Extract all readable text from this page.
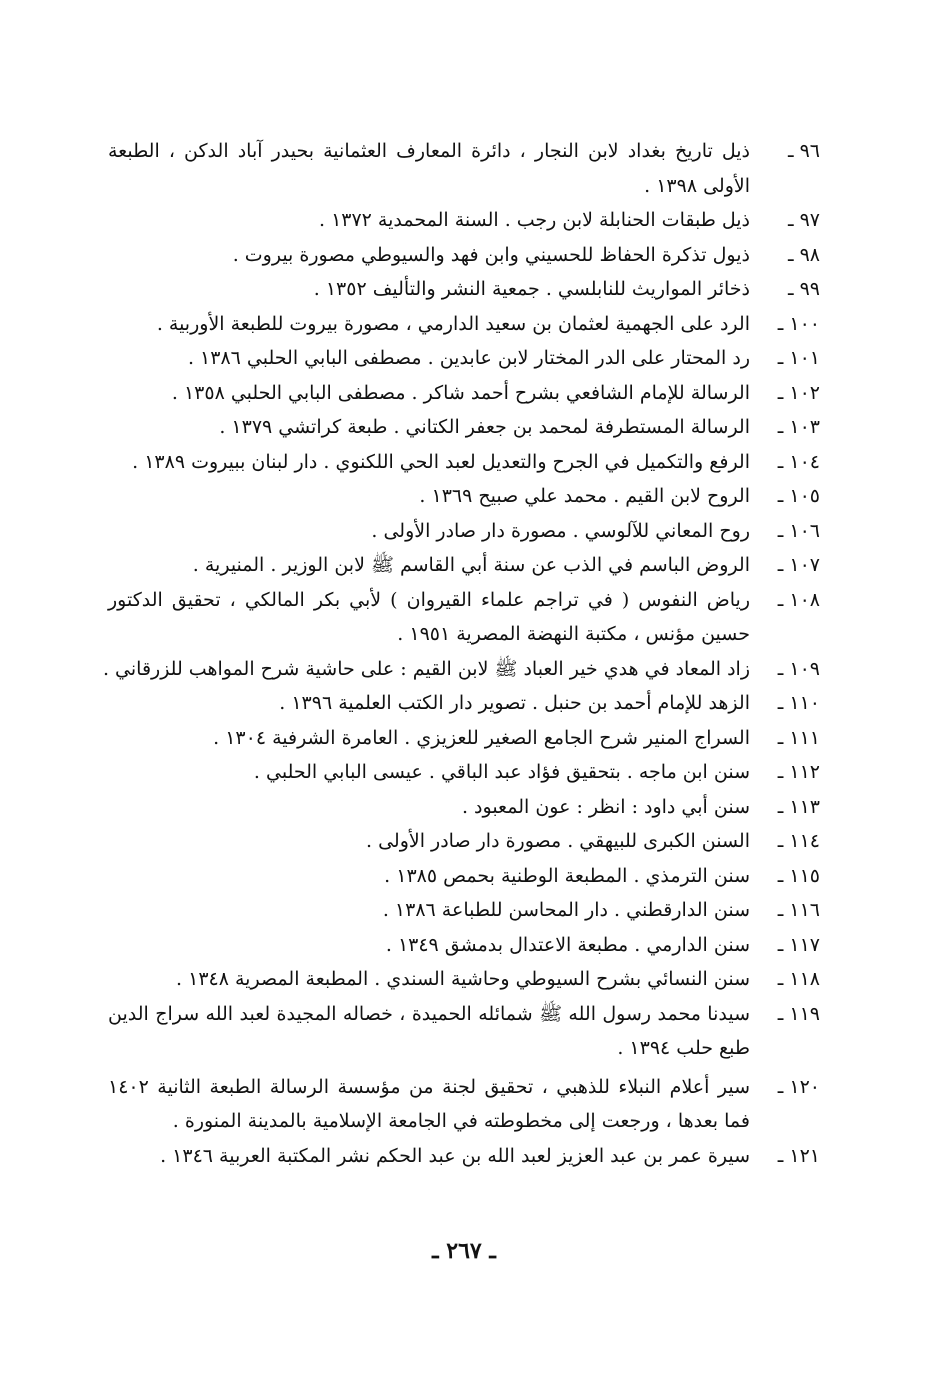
٩٦ ـ
ذيل تاريخ بغداد لابن النجار ، دائرة المعارف العثمانية بحيدر آباد الدكن ، الطبعة الأولى ١٣٩٨ .
٩٧ ـ
ذيل طبقات الحنابلة لابن رجب . السنة المحمدية ١٣٧٢ .
٩٨ ـ
ذيول تذكرة الحفاظ للحسيني وابن فهد والسيوطي مصورة بيروت .
٩٩ ـ
ذخائر المواريث للنابلسي . جمعية النشر والتأليف ١٣٥٢ .
١٠٠ ـ
الرد على الجهمية لعثمان بن سعيد الدارمي ، مصورة بيروت للطبعة الأوربية .
١٠١ ـ
رد المحتار على الدر المختار لابن عابدين . مصطفى البابي الحلبي ١٣٨٦ .
١٠٢ ـ
الرسالة للإمام الشافعي بشرح أحمد شاكر . مصطفى البابي الحلبي ١٣٥٨ .
١٠٣ ـ
الرسالة المستطرفة لمحمد بن جعفر الكتاني . طبعة كراتشي ١٣٧٩ .
١٠٤ ـ
الرفع والتكميل في الجرح والتعديل لعبد الحي اللكنوي . دار لبنان ببيروت ١٣٨٩ .
١٠٥ ـ
الروح لابن القيم . محمد علي صبيح ١٣٦٩ .
١٠٦ ـ
روح المعاني للآلوسي . مصورة دار صادر الأولى .
١٠٧ ـ
الروض الباسم في الذب عن سنة أبي القاسم ﷺ لابن الوزير . المنيرية .
١٠٨ ـ
رياض النفوس ( في تراجم علماء القيروان ) لأبي بكر المالكي ، تحقيق الدكتور حسين مؤنس ، مكتبة النهضة المصرية ١٩٥١ .
١٠٩ ـ
زاد المعاد في هدي خير العباد ﷺ لابن القيم : على حاشية شرح المواهب للزرقاني .
١١٠ ـ
الزهد للإمام أحمد بن حنبل . تصوير دار الكتب العلمية ١٣٩٦ .
١١١ ـ
السراج المنير شرح الجامع الصغير للعزيزي . العامرة الشرفية ١٣٠٤ .
١١٢ ـ
سنن ابن ماجه . بتحقيق فؤاد عبد الباقي . عيسى البابي الحلبي .
١١٣ ـ
سنن أبي داود : انظر : عون المعبود .
١١٤ ـ
السنن الكبرى للبيهقي . مصورة دار صادر الأولى .
١١٥ ـ
سنن الترمذي . المطبعة الوطنية بحمص ١٣٨٥ .
١١٦ ـ
سنن الدارقطني . دار المحاسن للطباعة ١٣٨٦ .
١١٧ ـ
سنن الدارمي . مطبعة الاعتدال بدمشق ١٣٤٩ .
١١٨ ـ
سنن النسائي بشرح السيوطي وحاشية السندي . المطبعة المصرية ١٣٤٨ .
١١٩ ـ
سيدنا محمد رسول الله ﷺ شمائله الحميدة ، خصاله المجيدة لعبد الله سراج الدين طبع حلب ١٣٩٤ .
١٢٠ ـ
سير أعلام النبلاء للذهبي ، تحقيق لجنة من مؤسسة الرسالة الطبعة الثانية ١٤٠٢ فما بعدها ، ورجعت إلى مخطوطته في الجامعة الإسلامية بالمدينة المنورة .
١٢١ ـ
سيرة عمر بن عبد العزيز لعبد الله بن عبد الحكم نشر المكتبة العربية ١٣٤٦ .
ـ ٢٦٧ ـ
